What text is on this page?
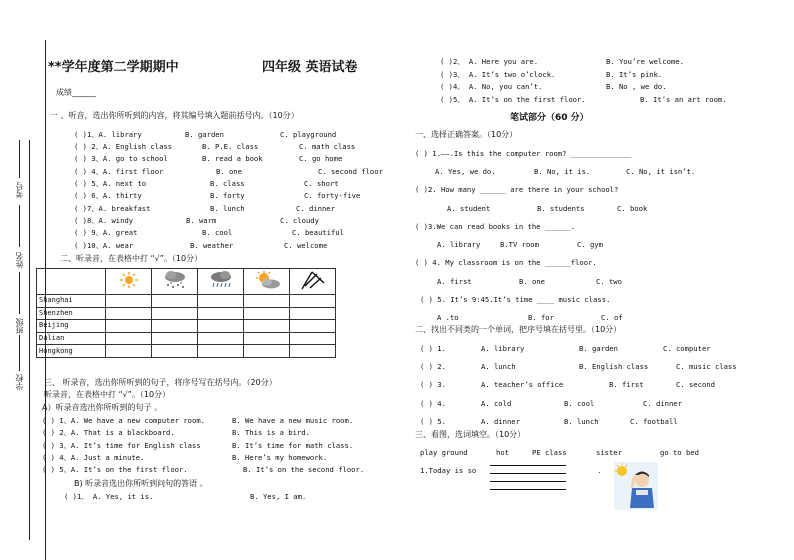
考号
姓名
班级
学校
**学年度第二学期期中	四年级 英语试卷
成绩______
一 、听音，选出你所听到的内容，将其编号填入题前括号内。（10分）
( )1、A. library	B. garden	C. playground
( ) 2、A. English class	B. P.E. class	C. math class
( ) 3、A. go to school	B. read a book	C. go home
( ) 4、A. first floor	B. one	C. second floor
( ) 5、A. next to	B. class	C. short
( ) 6、A. thirty	B. forty	C. forty-five
( )7、A. breakfast	B. lunch	C. dinner
( )8、A. windy	B. warm	C. cloudy
( ) 9、A. great	B. cool	C. beautiful
( )10、A. wear	B. weather	C. welcome
二、听录音，在表格中打 “√”。（10分）

Shanghai					
Shenzhen					
Beijing					
Dalian					
Hongkong					
三、 听录音，选出你所听到的句子，将序号写在括号内。（20分）
听录音，在表格中打 “√”。（10分）
A）听录音选出你所听到的句子 。
( ) 1、A. We have a new computer room.	B. We have a new music room.
( ) 2、A. That is a blackboard.	B. This is a bird.
( ) 3、A. It’s time for English class	B. It’s time for math class.
( ) 4、A. Just a minute.	B. Here’s my homework.
( ) 5、A. It’s on the first floor.	B. It’s on the second floor.
B) 听录音选出你所听到问句的答语 。
( )1、 A. Yes, it is.	B. Yes, I am.
( )2、 A. Here you are.	B. You’re welcome.
( )3、 A. It’s two o’clock.	B. It’s pink.
( )4、 A. No, you can’t.	B. No , we do.
( )5、 A. It’s on the first floor.	B. It’s an art room.
笔试部分（60 分）
一、选择正确答案。（10分）
( ) 1.——.Is this the computer room? ______________
A. Yes, we do.	B. No, it is.	C. No, it isn’t.
( )2. How many ______ are there in your school?
A. student	B. students	C. book
( )3.We can read books in the ______.
A. library	B.TV room	C. gym
( ) 4. My classroom is on the ______floor.
A. first	B. one	C. two
( ) 5. It’s 9:45.It’s time ____ music class.
A .to	B. for	C. of
二、找出不同类的一个单词，把序号填在括号里。（10分）
( ) 1.	A. library	B. garden	C. computer
( ) 2.	A. lunch	B. English class	C. music class
( ) 3.	A. teacher’s office	B. first	C. second
( ) 4.	A. cold	B. cool	C. dinner
( ) 5.	A. dinner	B. lunch	C. football
三、看图，选词填空。（10分）
play ground	hot	PE class	sister	go to bed
1.Today is so	.
